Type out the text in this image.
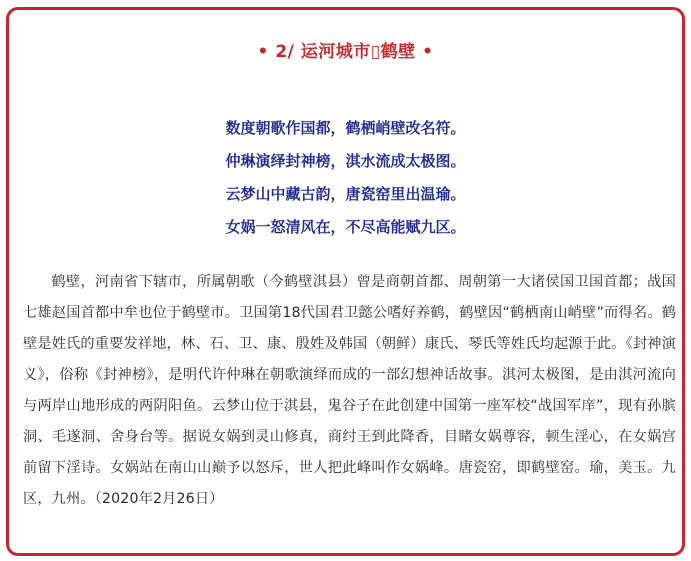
• 2/ 运河城市▯鹤壁 •
数度朝歌作国都，鹤栖峭壁改名符。
仲琳演绎封神榜，淇水流成太极图。
云梦山中藏古韵，唐瓷窑里出温瑜。
女娲一怒清风在，不尽高能赋九区。
鹤壁，河南省下辖市，所属朝歌（今鹤壁淇县）曾是商朝首都、周朝第一大诸侯国卫国首都；战国七雄赵国首都中牟也位于鹤壁市。卫国第18代国君卫懿公嗜好养鹤，鹤壁因“鹤栖南山峭壁”而得名。鹤壁是姓氏的重要发祥地，林、石、卫、康、殷姓及韩国（朝鲜）康氏、琴氏等姓氏均起源于此。《封神演义》，俗称《封神榜》，是明代许仲琳在朝歌演绎而成的一部幻想神话故事。淇河太极图，是由淇河流向与两岸山地形成的两阴阳鱼。云梦山位于淇县，鬼谷子在此创建中国第一座军校“战国军庠”，现有孙膑洞、毛遂洞、舍身台等。据说女娲到灵山修真，商纣王到此降香，目睹女娲尊容，顿生淫心，在女娲宫前留下淫诗。女娲站在南山山巅予以怒斥，世人把此峰叫作女娲峰。唐瓷窑，即鹤壁窑。瑜，美玉。九区，九州。（2020年2月26日）
